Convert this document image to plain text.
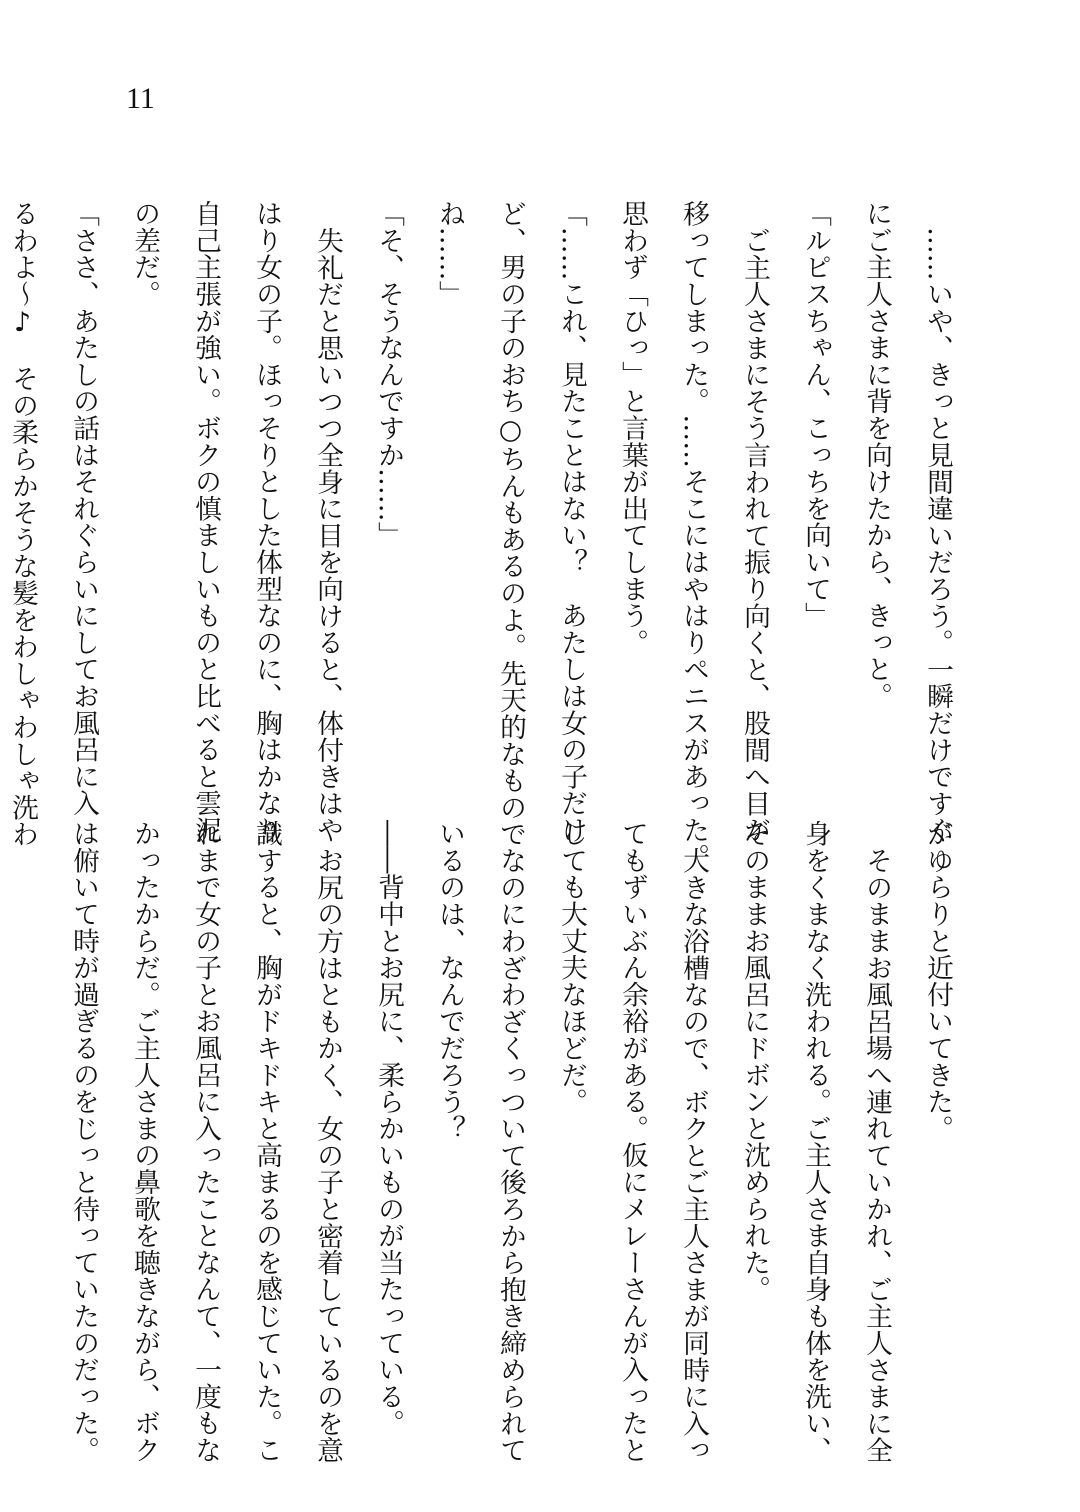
11
……いや、きっと見間違いだろう。一瞬だけですぐ
にご主人さまに背を向けたから、きっと。
「ルピスちゃん、こっちを向いて」
ご主人さまにそう言われて振り向くと、股間へ目が
移ってしまった。……そこにはやはりペニスがあった。
思わず「ひっ」と言葉が出てしまう。
「……これ、見たことはない？　あたしは女の子だけ
ど、男の子のおち○ちんもあるのよ。先天的なもので
ね……」
「そ、そうなんですか……」
失礼だと思いつつ全身に目を向けると、体付きはや
はり女の子。ほっそりとした体型なのに、胸はかなり
自己主張が強い。ボクの慎ましいものと比べると雲泥
の差だ。
「ささ、あたしの話はそれぐらいにしてお風呂に入
るわよ～♪　その柔らかそうな髪をわしゃわしゃ洗わ
がゆらりと近付いてきた。
そのままお風呂場へ連れていかれ、ご主人さまに全
身をくまなく洗われる。ご主人さま自身も体を洗い、
そのままお風呂にドボンと沈められた。
大きな浴槽なので、ボクとご主人さまが同時に入っ
てもずいぶん余裕がある。仮にメレーさんが入ったと
しても大丈夫なほどだ。
なのにわざわざくっついて後ろから抱き締められて
いるのは、なんでだろう？
――背中とお尻に、柔らかいものが当たっている。
お尻の方はともかく、女の子と密着しているのを意
識すると、胸がドキドキと高まるのを感じていた。こ
れまで女の子とお風呂に入ったことなんて、一度もな
かったからだ。ご主人さまの鼻歌を聴きながら、ボク
は俯いて時が過ぎるのをじっと待っていたのだった。
